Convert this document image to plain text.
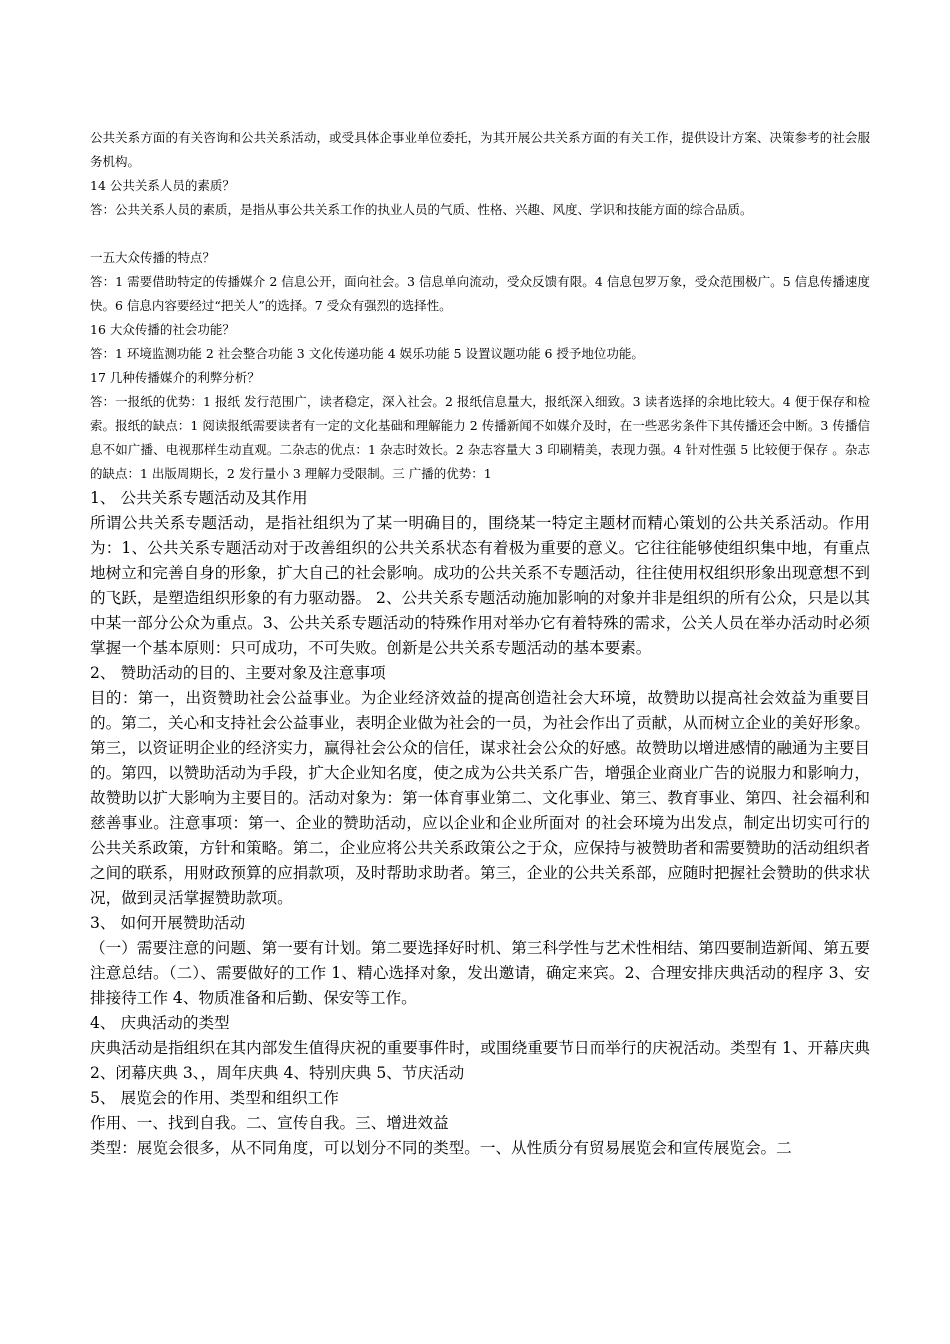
公共关系方面的有关咨询和公共关系活动，或受具体企事业单位委托，为其开展公共关系方面的有关工作，提供设计方案、决策参考的社会服务机构。

14 公共关系人员的素质？

答：公共关系人员的素质，是指从事公共关系工作的执业人员的气质、性格、兴趣、风度、学识和技能方面的综合品质。

一五大众传播的特点？

答：1 需要借助特定的传播媒介 2 信息公开，面向社会。3 信息单向流动，受众反馈有限。4 信息包罗万象，受众范围极广。5 信息传播速度快。6 信息内容要经过“把关人”的选择。7 受众有强烈的选择性。

16 大众传播的社会功能？

答：1 环境监测功能 2 社会整合功能 3 文化传递功能 4 娱乐功能 5 设置议题功能 6 授予地位功能。

17 几种传播媒介的利弊分析？

答：一报纸的优势：1 报纸 发行范围广，读者稳定，深入社会。2 报纸信息量大，报纸深入细致。3 读者选择的余地比较大。4 便于保存和检索。报纸的缺点：1 阅读报纸需要读者有一定的文化基础和理解能力 2 传播新闻不如媒介及时，在一些恶劣条件下其传播还会中断。3 传播信息不如广播、电视那样生动直观。二杂志的优点：1 杂志时效长。2 杂志容量大 3 印刷精美，表现力强。4 针对性强 5 比较便于保存 。杂志的缺点：1 出版周期长，2 发行量小 3 理解力受限制。三 广播的优势：1

1、 公共关系专题活动及其作用

所谓公共关系专题活动，是指社组织为了某一明确目的，围绕某一特定主题材而精心策划的公共关系活动。作用为：1、公共关系专题活动对于改善组织的公共关系状态有着极为重要的意义。它往往能够使组织集中地，有重点地树立和完善自身的形象，扩大自己的社会影响。成功的公共关系不专题活动，往往使用权组织形象出现意想不到的飞跃，是塑造组织形象的有力驱动器。 2、公共关系专题活动施加影响的对象并非是组织的所有公众，只是以其中某一部分公众为重点。3、公共关系专题活动的特殊作用对举办它有着特殊的需求，公关人员在举办活动时必须掌握一个基本原则：只可成功，不可失败。创新是公共关系专题活动的基本要素。

2、 赞助活动的目的、主要对象及注意事项

目的：第一，出资赞助社会公益事业。为企业经济效益的提高创造社会大环境，故赞助以提高社会效益为重要目的。第二，关心和支持社会公益事业，表明企业做为社会的一员，为社会作出了贡献，从而树立企业的美好形象。第三，以资证明企业的经济实力，赢得社会公众的信任，谋求社会公众的好感。故赞助以增进感情的融通为主要目的。第四，以赞助活动为手段，扩大企业知名度，使之成为公共关系广告，增强企业商业广告的说服力和影响力，故赞助以扩大影响为主要目的。活动对象为：第一体育事业第二、文化事业、第三、教育事业、第四、社会福利和慈善事业。注意事项：第一、企业的赞助活动，应以企业和企业所面对 的社会环境为出发点，制定出切实可行的公共关系政策，方针和策略。第二，企业应将公共关系政策公之于众，应保持与被赞助者和需要赞助的活动组织者之间的联系，用财政预算的应捐款项，及时帮助求助者。第三，企业的公共关系部，应随时把握社会赞助的供求状况，做到灵活掌握赞助款项。

3、 如何开展赞助活动

（一）需要注意的问题、第一要有计划。第二要选择好时机、第三科学性与艺术性相结、第四要制造新闻、第五要注意总结。（二）、需要做好的工作 1、精心选择对象，发出邀请，确定来宾。2、合理安排庆典活动的程序 3、安排接待工作 4、物质准备和后勤、保安等工作。

4、 庆典活动的类型

庆典活动是指组织在其内部发生值得庆祝的重要事件时，或围绕重要节日而举行的庆祝活动。类型有 1、开幕庆典 2、闭幕庆典 3、，周年庆典 4、特别庆典 5、节庆活动

5、 展览会的作用、类型和组织工作

作用、一、找到自我。二、宣传自我。三、增进效益

类型：展览会很多，从不同角度，可以划分不同的类型。一、从性质分有贸易展览会和宣传展览会。二
